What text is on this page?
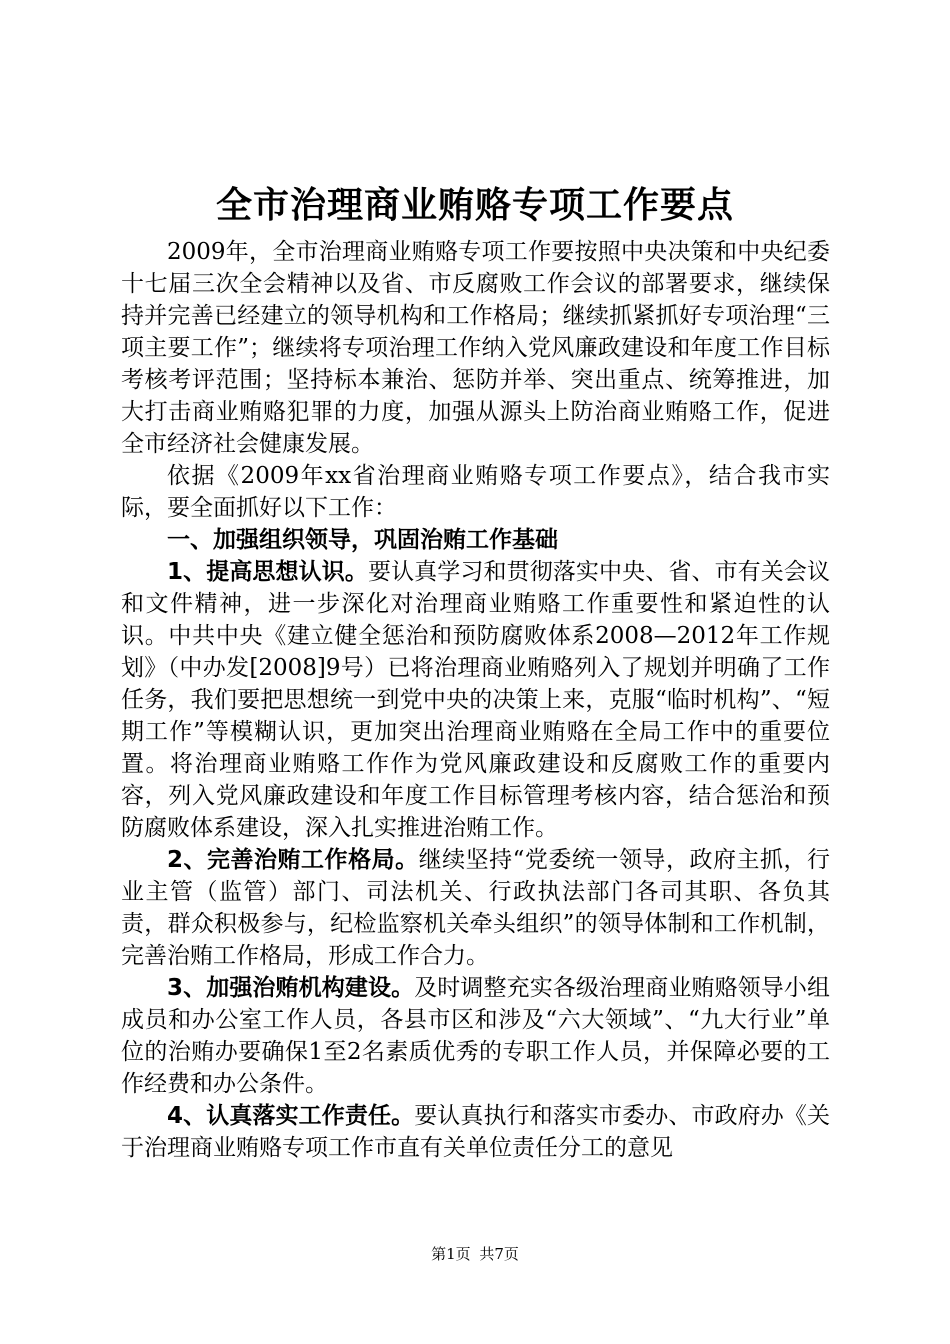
全市治理商业贿赂专项工作要点

2009年，全市治理商业贿赂专项工作要按照中央决策和中央纪委十七届三次全会精神以及省、市反腐败工作会议的部署要求，继续保持并完善已经建立的领导机构和工作格局；继续抓紧抓好专项治理“三项主要工作”；继续将专项治理工作纳入党风廉政建设和年度工作目标考核考评范围；坚持标本兼治、惩防并举、突出重点、统筹推进，加大打击商业贿赂犯罪的力度，加强从源头上防治商业贿赂工作，促进全市经济社会健康发展。

依据《2009年xx省治理商业贿赂专项工作要点》，结合我市实际，要全面抓好以下工作：

一、加强组织领导，巩固治贿工作基础

1、提高思想认识。要认真学习和贯彻落实中央、省、市有关会议和文件精神，进一步深化对治理商业贿赂工作重要性和紧迫性的认识。中共中央《建立健全惩治和预防腐败体系2008—2012年工作规划》（中办发[2008]9号）已将治理商业贿赂列入了规划并明确了工作任务，我们要把思想统一到党中央的决策上来，克服“临时机构”、“短期工作”等模糊认识，更加突出治理商业贿赂在全局工作中的重要位置。将治理商业贿赂工作作为党风廉政建设和反腐败工作的重要内容，列入党风廉政建设和年度工作目标管理考核内容，结合惩治和预防腐败体系建设，深入扎实推进治贿工作。

2、完善治贿工作格局。继续坚持“党委统一领导，政府主抓，行业主管（监管）部门、司法机关、行政执法部门各司其职、各负其责，群众积极参与，纪检监察机关牵头组织”的领导体制和工作机制，完善治贿工作格局，形成工作合力。

3、加强治贿机构建设。及时调整充实各级治理商业贿赂领导小组成员和办公室工作人员，各县市区和涉及“六大领域”、“九大行业”单位的治贿办要确保1至2名素质优秀的专职工作人员，并保障必要的工作经费和办公条件。

4、认真落实工作责任。要认真执行和落实市委办、市政府办《关于治理商业贿赂专项工作市直有关单位责任分工的意见

第1页 共7页
